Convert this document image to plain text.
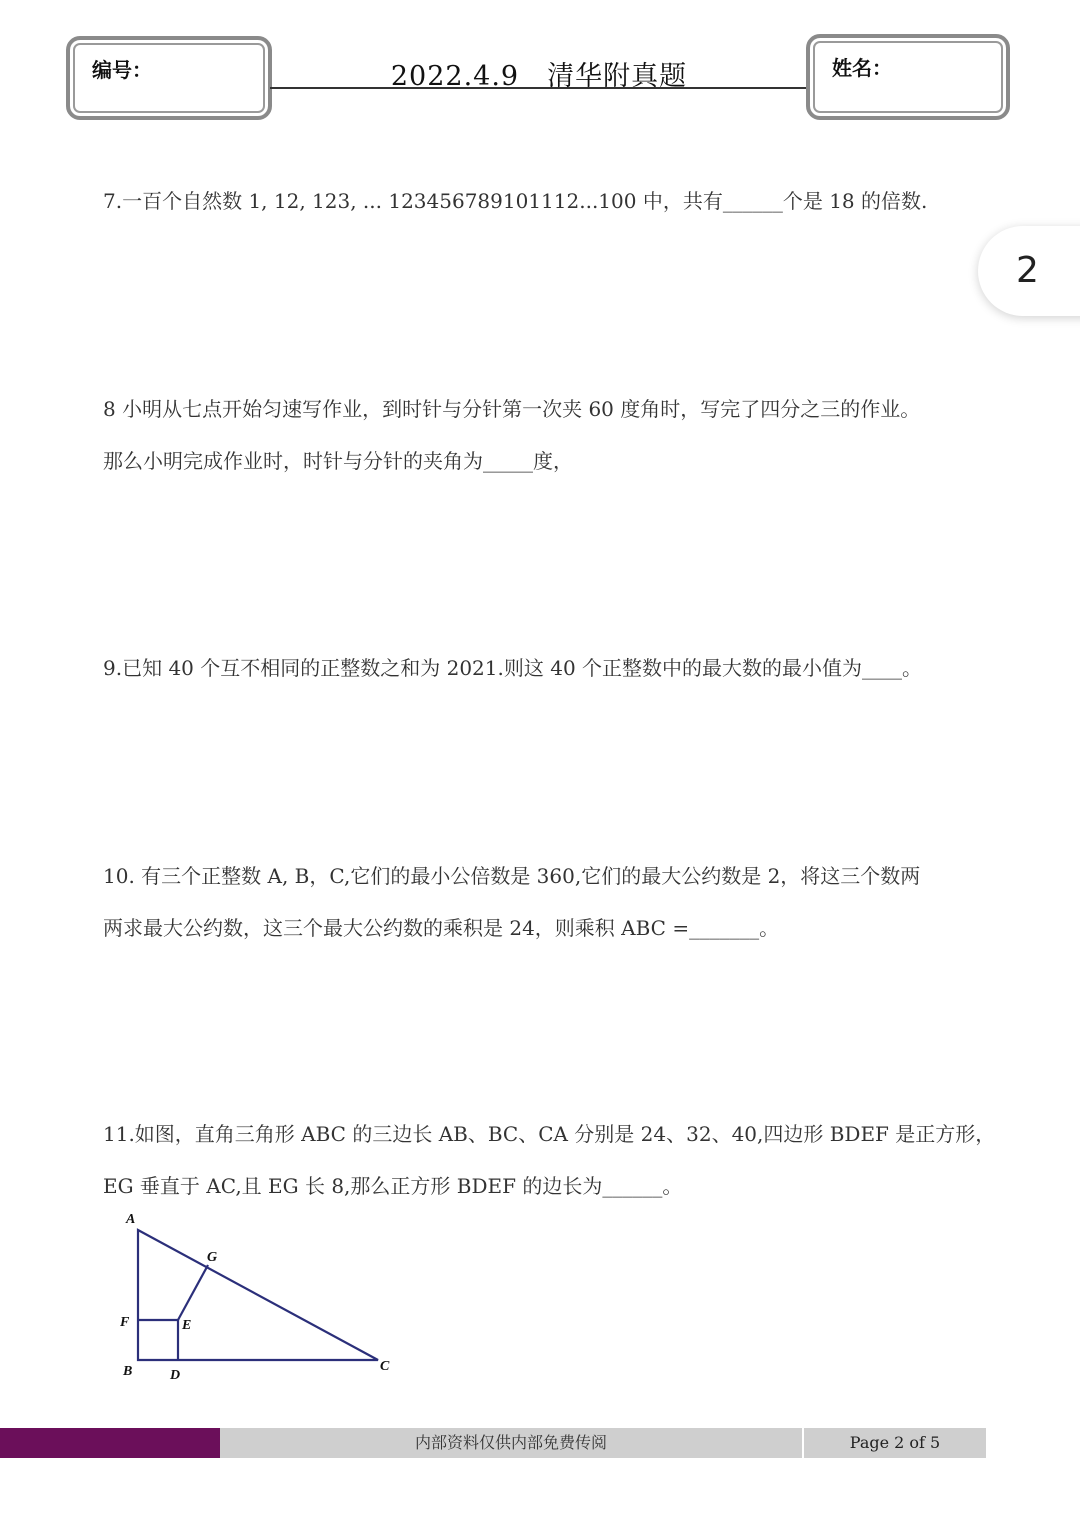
编号：	2022.4.9　清华附真题	姓名：
2
7.一百个自然数 1, 12, 123, ... 123456789101112...100 中，共有______个是 18 的倍数.
8 小明从七点开始匀速写作业，到时针与分针第一次夹 60 度角时，写完了四分之三的作业。
那么小明完成作业时，时针与分针的夹角为_____度，
9.已知 40 个互不相同的正整数之和为 2021.则这 40 个正整数中的最大数的最小值为____。
10. 有三个正整数 A, B，C,它们的最小公倍数是 360,它们的最大公约数是 2，将这三个数两
两求最大公约数，这三个最大公约数的乘积是 24，则乘积 ABC =_______。
11.如图，直角三角形 ABC 的三边长 AB、BC、CA 分别是 24、32、40,四边形 BDEF 是正方形，
EG 垂直于 AC,且 EG 长 8,那么正方形 BDEF 的边长为______。
A
G
F	E
B	D
C
内部资料仅供内部免费传阅	Page 2 of 5
